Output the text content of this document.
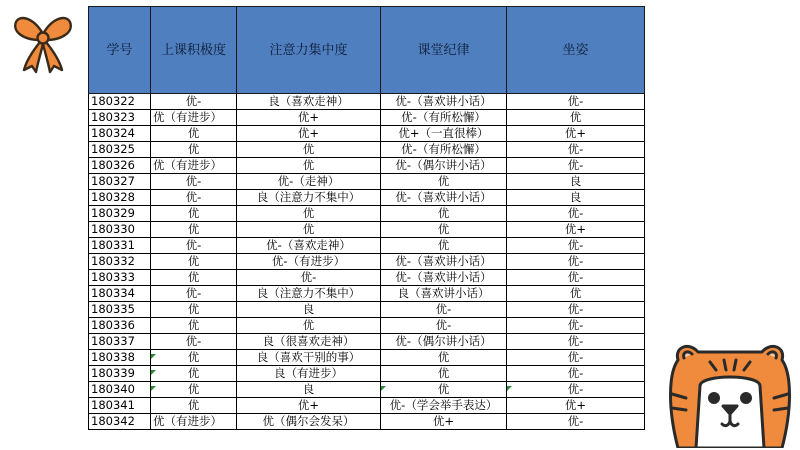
学号	上课积极度	注意力集中度	课堂纪律	坐姿
180322	优-	良（喜欢走神）	优-（喜欢讲小话）	优-
180323	优（有进步）	优+	优-（有所松懈）	优
180324	优	优+	优+（一直很棒）	优+
180325	优	优	优-（有所松懈）	优-
180326	优（有进步）	优	优-（偶尔讲小话）	优-
180327	优-	优-（走神）	优	良
180328	优-	良（注意力不集中）	优-（喜欢讲小话）	良
180329	优	优	优	优-
180330	优	优	优	优+
180331	优-	优-（喜欢走神）	优	优-
180332	优	优-（有进步）	优-（喜欢讲小话）	优-
180333	优	优-	优-（喜欢讲小话）	优-
180334	优-	良（注意力不集中）	良（喜欢讲小话）	优
180335	优	良	优-	优-
180336	优	优	优-	优-
180337	优-	良（很喜欢走神）	优-（偶尔讲小话）	优-
180338	优	良（喜欢干别的事）	优	优-
180339	优	良（有进步）	优	优-
180340	优	良	优	优-
180341	优	优+	优-（学会举手表达）	优+
180342	优（有进步）	优（偶尔会发呆）	优+	优-
